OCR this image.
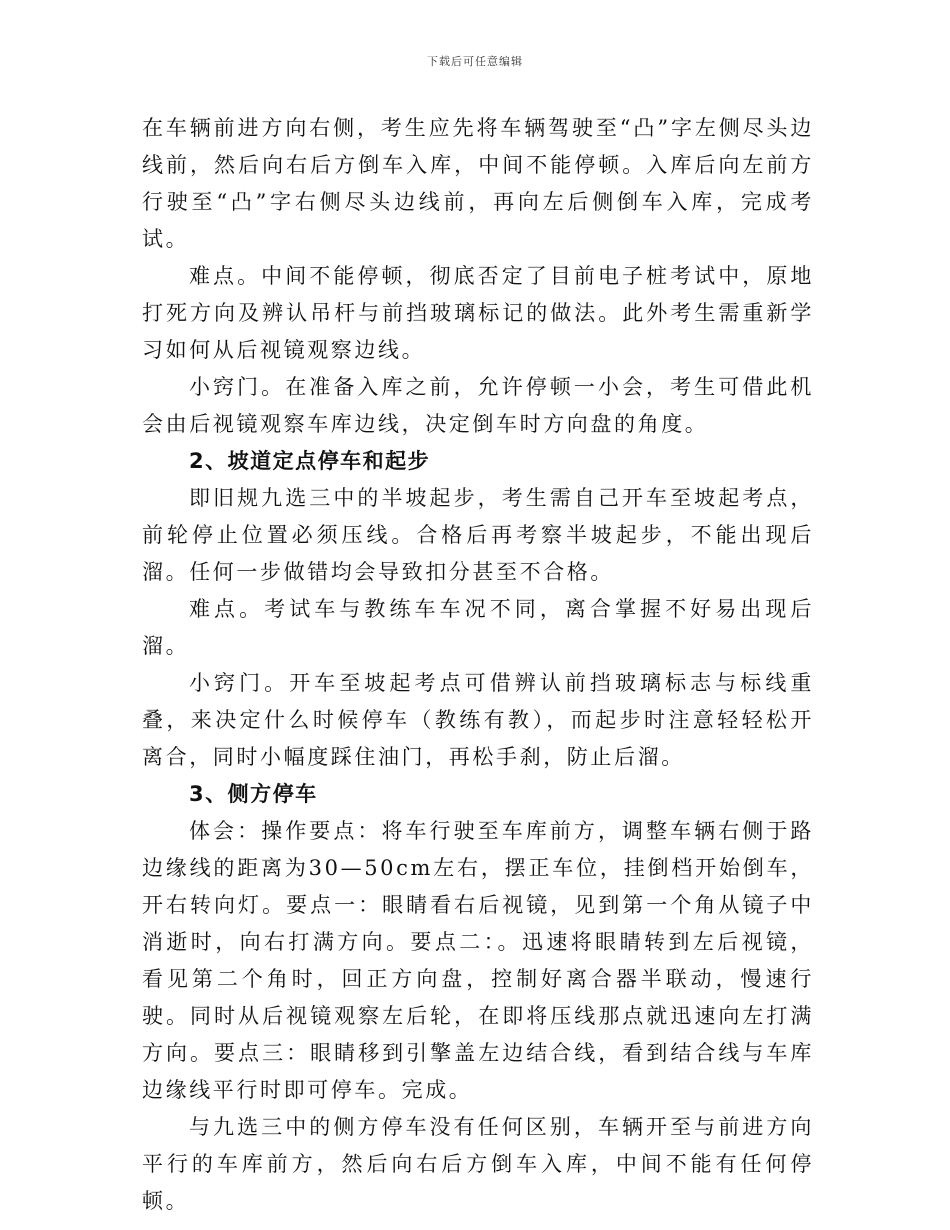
下载后可任意编辑

在车辆前进方向右侧，考生应先将车辆驾驶至“凸”字左侧尽头边线前，然后向右后方倒车入库，中间不能停顿。入库后向左前方行驶至“凸”字右侧尽头边线前，再向左后侧倒车入库，完成考试。

难点。中间不能停顿，彻底否定了目前电子桩考试中，原地打死方向及辨认吊杆与前挡玻璃标记的做法。此外考生需重新学习如何从后视镜观察边线。

小窍门。在准备入库之前，允许停顿一小会，考生可借此机会由后视镜观察车库边线，决定倒车时方向盘的角度。

2、坡道定点停车和起步

即旧规九选三中的半坡起步，考生需自己开车至坡起考点，前轮停止位置必须压线。合格后再考察半坡起步，不能出现后溜。任何一步做错均会导致扣分甚至不合格。

难点。考试车与教练车车况不同，离合掌握不好易出现后溜。

小窍门。开车至坡起考点可借辨认前挡玻璃标志与标线重叠，来决定什么时候停车（教练有教），而起步时注意轻轻松开离合，同时小幅度踩住油门，再松手刹，防止后溜。

3、侧方停车

体会：操作要点：将车行驶至车库前方，调整车辆右侧于路边缘线的距离为30—50cm左右，摆正车位，挂倒档开始倒车，开右转向灯。要点一：眼睛看右后视镜，见到第一个角从镜子中消逝时，向右打满方向。要点二：。迅速将眼睛转到左后视镜，看见第二个角时，回正方向盘，控制好离合器半联动，慢速行驶。同时从后视镜观察左后轮，在即将压线那点就迅速向左打满方向。要点三：眼睛移到引擎盖左边结合线，看到结合线与车库边缘线平行时即可停车。完成。

与九选三中的侧方停车没有任何区别，车辆开至与前进方向平行的车库前方，然后向右后方倒车入库，中间不能有任何停顿。
